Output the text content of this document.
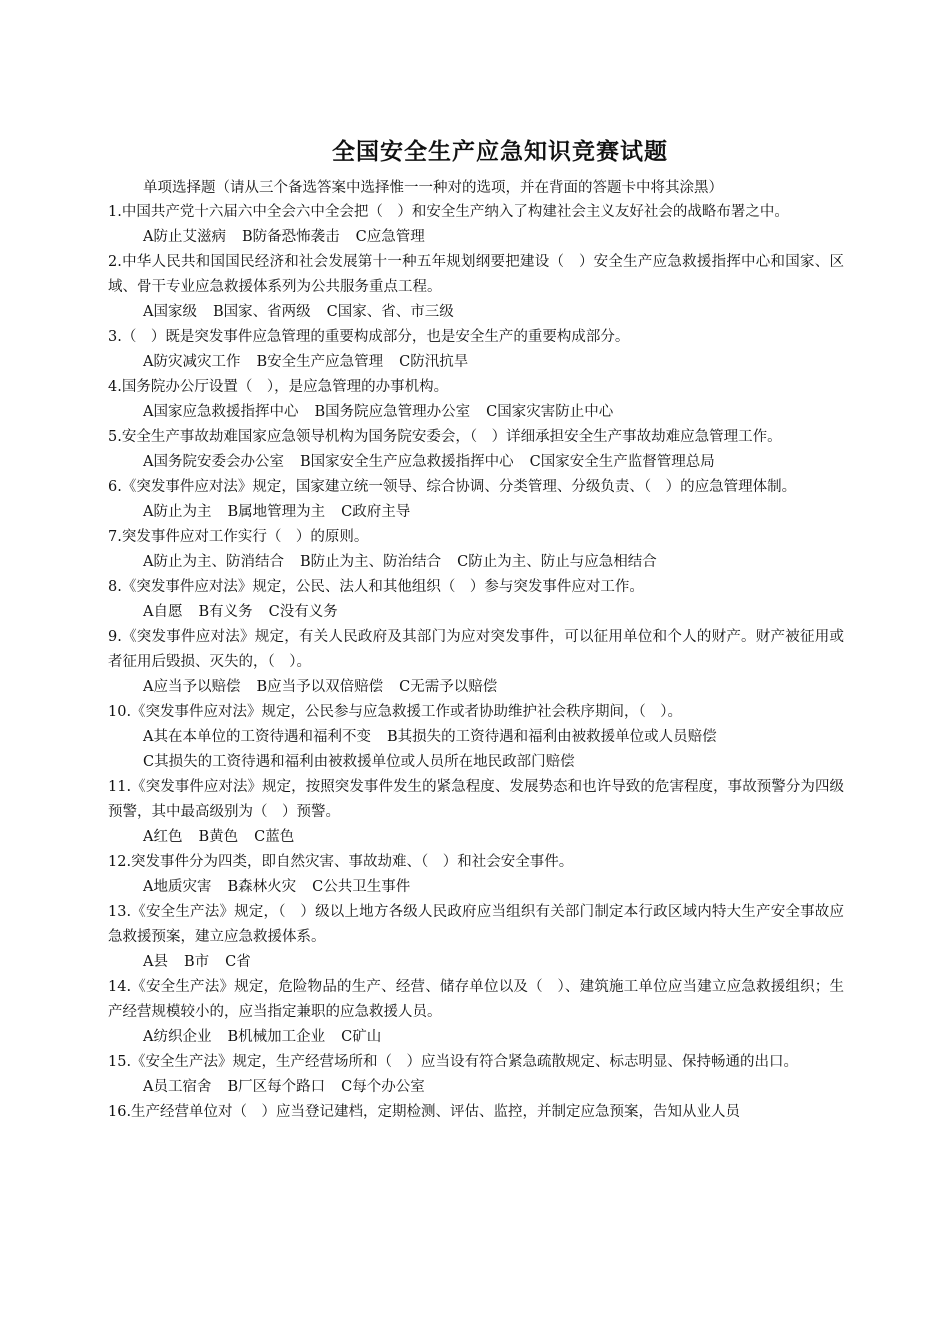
全国安全生产应急知识竞赛试题
单项选择题（请从三个备选答案中选择惟一一种对的选项，并在背面的答题卡中将其涂黑）
1.中国共产党十六届六中全会六中全会把（　）和安全生产纳入了构建社会主义友好社会的战略布署之中。
A防止艾滋病 B防备恐怖袭击 C应急管理
2.中华人民共和国国民经济和社会发展第十一种五年规划纲要把建设（　）安全生产应急救援指挥中心和国家、区域、骨干专业应急救援体系列为公共服务重点工程。
A国家级 B国家、省两级 C国家、省、市三级
3.（　）既是突发事件应急管理的重要构成部分，也是安全生产的重要构成部分。
A防灾减灾工作 B安全生产应急管理 C防汛抗旱
4.国务院办公厅设置（　），是应急管理的办事机构。
A国家应急救援指挥中心 B国务院应急管理办公室 C国家灾害防止中心
5.安全生产事故劫难国家应急领导机构为国务院安委会，（　）详细承担安全生产事故劫难应急管理工作。
A国务院安委会办公室 B国家安全生产应急救援指挥中心 C国家安全生产监督管理总局
6.《突发事件应对法》规定，国家建立统一领导、综合协调、分类管理、分级负责、（　）的应急管理体制。
A防止为主 B属地管理为主 C政府主导
7.突发事件应对工作实行（　）的原则。
A防止为主、防消结合 B防止为主、防治结合 C防止为主、防止与应急相结合
8.《突发事件应对法》规定，公民、法人和其他组织（　）参与突发事件应对工作。
A自愿 B有义务 C没有义务
9.《突发事件应对法》规定，有关人民政府及其部门为应对突发事件，可以征用单位和个人的财产。财产被征用或者征用后毁损、灭失的，（　）。
A应当予以赔偿 B应当予以双倍赔偿 C无需予以赔偿
10.《突发事件应对法》规定，公民参与应急救援工作或者协助维护社会秩序期间，（　）。
A其在本单位的工资待遇和福利不变 B其损失的工资待遇和福利由被救援单位或人员赔偿
C其损失的工资待遇和福利由被救援单位或人员所在地民政部门赔偿
11.《突发事件应对法》规定，按照突发事件发生的紧急程度、发展势态和也许导致的危害程度，事故预警分为四级预警，其中最高级别为（　）预警。
A红色 B黄色 C蓝色
12.突发事件分为四类，即自然灾害、事故劫难、（　）和社会安全事件。
A地质灾害 B森林火灾 C公共卫生事件
13.《安全生产法》规定，（　）级以上地方各级人民政府应当组织有关部门制定本行政区域内特大生产安全事故应急救援预案，建立应急救援体系。
A县 B市 C省
14.《安全生产法》规定，危险物品的生产、经营、储存单位以及（　）、建筑施工单位应当建立应急救援组织；生产经营规模较小的，应当指定兼职的应急救援人员。
A纺织企业 B机械加工企业 C矿山
15.《安全生产法》规定，生产经营场所和（　）应当设有符合紧急疏散规定、标志明显、保持畅通的出口。
A员工宿舍 B厂区每个路口 C每个办公室
16.生产经营单位对（　）应当登记建档，定期检测、评估、监控，并制定应急预案，告知从业人员
